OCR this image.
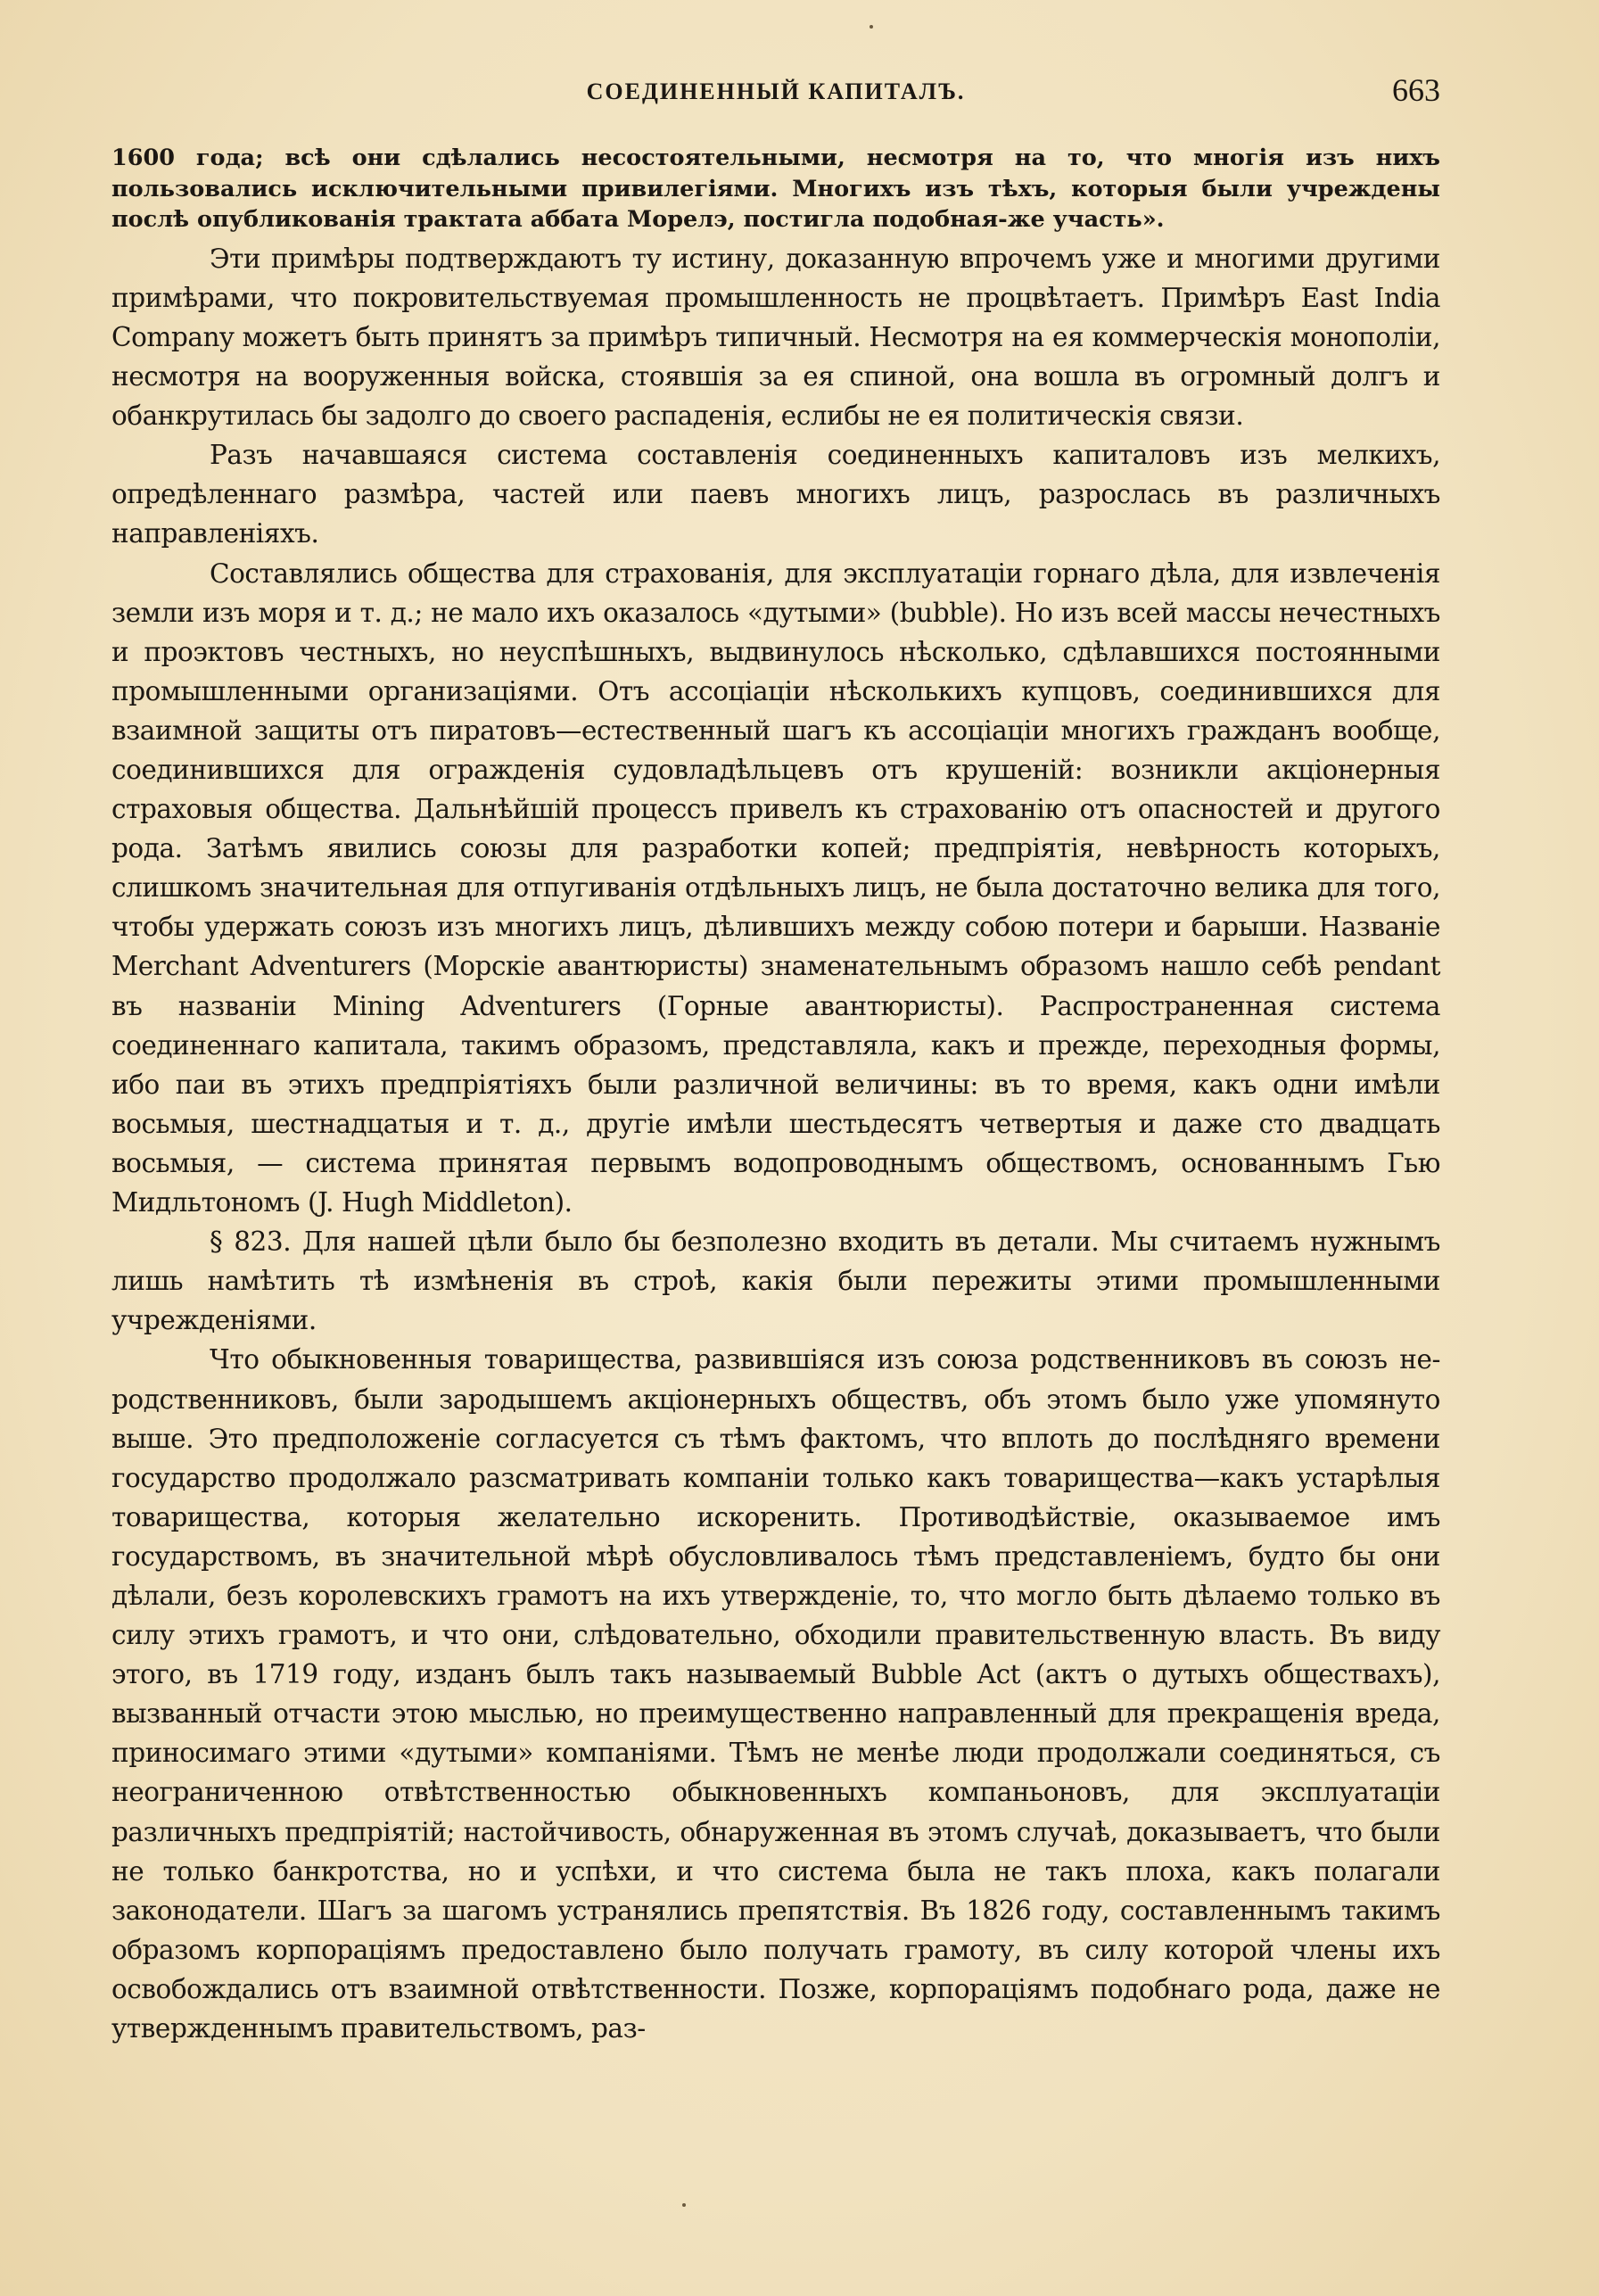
СОЕДИНЕННЫЙ КАПИТАЛЪ.	663

1600 года; всѣ они сдѣлались несостоятельными, несмотря на то, что многія изъ нихъ пользовались исключительными привилегіями. Многихъ изъ тѣхъ, которыя были учреждены послѣ опубликованія трактата аббата Морелэ, постигла подобная-же участь».

Эти примѣры подтверждаютъ ту истину, доказанную впрочемъ уже и многими другими примѣрами, что покровительствуемая промышленность не процвѣтаетъ. Примѣръ East India Company можетъ быть принятъ за примѣръ типичный. Несмотря на ея коммерческія монополіи, несмотря на вооруженныя войска, стоявшія за ея спиной, она вошла въ огромный долгъ и обанкрутилась бы задолго до своего распаденія, еслибы не ея политическія связи.

Разъ начавшаяся система составленія соединенныхъ капиталовъ изъ мелкихъ, опредѣленнаго размѣра, частей или паевъ многихъ лицъ, разрослась въ различныхъ направленіяхъ.

Составлялись общества для страхованія, для эксплуатаціи горнаго дѣла, для извлеченія земли изъ моря и т. д.; не мало ихъ оказалось «дутыми» (bubble). Но изъ всей массы нечестныхъ и проэктовъ честныхъ, но неуспѣшныхъ, выдвинулось нѣсколько, сдѣлавшихся постоянными промышленными организаціями. Отъ ассоціаціи нѣсколькихъ купцовъ, соединившихся для взаимной защиты отъ пиратовъ—естественный шагъ къ ассоціаціи многихъ гражданъ вообще, соединившихся для огражденія судовладѣльцевъ отъ крушеній: возникли акціонерныя страховыя общества. Дальнѣйшій процессъ привелъ къ страхованію отъ опасностей и другого рода. Затѣмъ явились союзы для разработки копей; предпріятія, невѣрность которыхъ, слишкомъ значительная для отпугиванія отдѣльныхъ лицъ, не была достаточно велика для того, чтобы удержать союзъ изъ многихъ лицъ, дѣлившихъ между собою потери и барыши. Названіе Merchant Adventurers (Морскіе авантюристы) знаменательнымъ образомъ нашло себѣ pendant въ названіи Mining Adventurers (Горные авантюристы). Распространенная система соединеннаго капитала, такимъ образомъ, представляла, какъ и прежде, переходныя формы, ибо паи въ этихъ предпріятіяхъ были различной величины: въ то время, какъ одни имѣли восьмыя, шестнадцатыя и т. д., другіе имѣли шестьдесятъ четвертыя и даже сто двадцать восьмыя, — система принятая первымъ водопроводнымъ обществомъ, основаннымъ Гью Мидльтономъ (J. Hugh Middleton).

§ 823. Для нашей цѣли было бы безполезно входить въ детали. Мы считаемъ нужнымъ лишь намѣтить тѣ измѣненія въ строѣ, какія были пережиты этими промышленными учрежденіями.

Что обыкновенныя товарищества, развившіяся изъ союза родственниковъ въ союзъ не-родственниковъ, были зародышемъ акціонерныхъ обществъ, объ этомъ было уже упомянуто выше. Это предположеніе согласуется съ тѣмъ фактомъ, что вплоть до послѣдняго времени государство продолжало разсматривать компаніи только какъ товарищества—какъ устарѣлыя товарищества, которыя желательно искоренить. Противодѣйствіе, оказываемое имъ государствомъ, въ значительной мѣрѣ обусловливалось тѣмъ представленіемъ, будто бы они дѣлали, безъ королевскихъ грамотъ на ихъ утвержденіе, то, что могло быть дѣлаемо только въ силу этихъ грамотъ, и что они, слѣдовательно, обходили правительственную власть. Въ виду этого, въ 1719 году, изданъ былъ такъ называемый Bubble Act (актъ о дутыхъ обществахъ), вызванный отчасти этою мыслью, но преимущественно направленный для прекращенія вреда, приносимаго этими «дутыми» компаніями. Тѣмъ не менѣе люди продолжали соединяться, съ неограниченною отвѣтственностью обыкновенныхъ компаньоновъ, для эксплуатаціи различныхъ предпріятій; настойчивость, обнаруженная въ этомъ случаѣ, доказываетъ, что были не только банкротства, но и успѣхи, и что система была не такъ плоха, какъ полагали законодатели. Шагъ за шагомъ устранялись препятствія. Въ 1826 году, составленнымъ такимъ образомъ корпораціямъ предоставлено было получать грамоту, въ силу которой члены ихъ освобождались отъ взаимной отвѣтственности. Позже, корпораціямъ подобнаго рода, даже не утвержденнымъ правительствомъ, раз-
